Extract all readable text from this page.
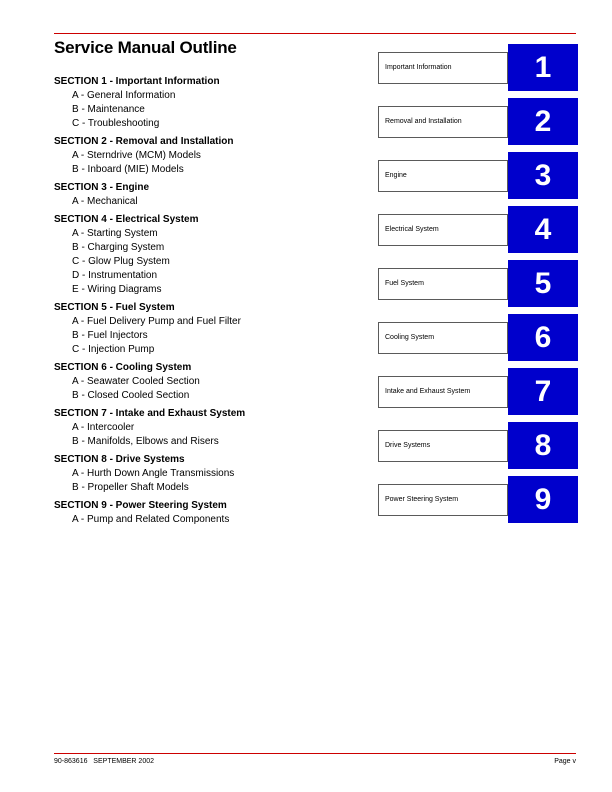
Service Manual Outline
SECTION 1 - Important Information
A - General Information
B - Maintenance
C - Troubleshooting
SECTION 2 - Removal and Installation
A - Sterndrive (MCM) Models
B - Inboard (MIE) Models
SECTION 3 - Engine
A - Mechanical
SECTION 4 - Electrical System
A - Starting System
B - Charging System
C - Glow Plug System
D - Instrumentation
E - Wiring Diagrams
SECTION 5 - Fuel System
A - Fuel Delivery Pump and Fuel Filter
B - Fuel Injectors
C - Injection Pump
SECTION 6 - Cooling System
A - Seawater Cooled Section
B - Closed Cooled Section
SECTION 7 - Intake and Exhaust System
A - Intercooler
B - Manifolds, Elbows and Risers
SECTION 8 - Drive Systems
A - Hurth Down Angle Transmissions
B - Propeller Shaft Models
SECTION 9 - Power Steering System
A - Pump and Related Components
Important Information	1
Removal and Installation	2
Engine	3
Electrical System	4
Fuel System	5
Cooling System	6
Intake and Exhaust System	7
Drive Systems	8
Power Steering System	9
90-863616   SEPTEMBER 2002	Page v
